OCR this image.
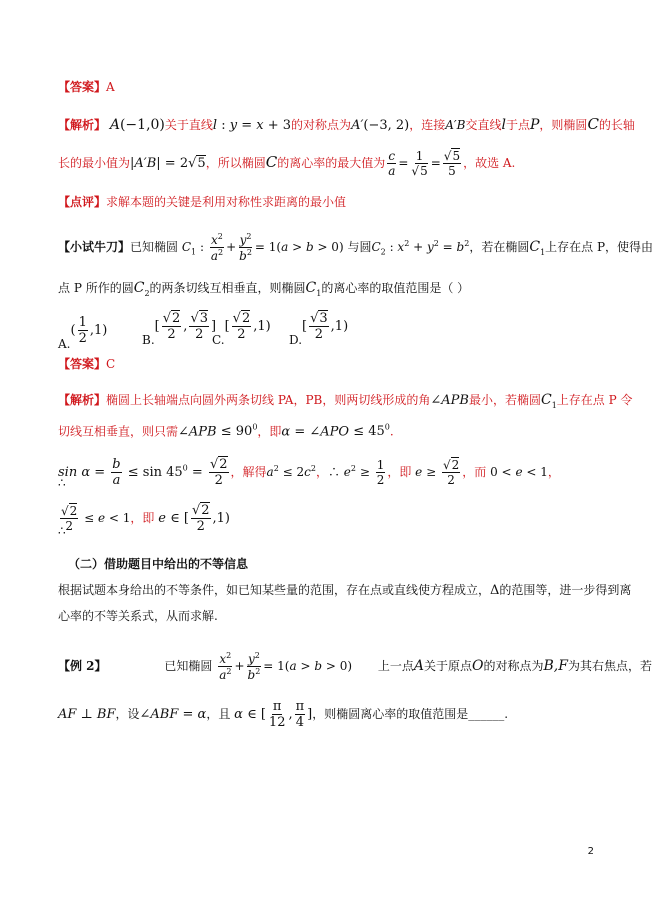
【答案】A
【解析】 A(−1,0)关于直线l : y = x + 3的对称点为A′(−3, 2)，连接A′B交直线l于点P，则椭圆C的长轴
长的最小值为|A′B| = 2 √ 5，所以椭圆C的离心率的最大值为 $\frac{c}{a} = 1$
√ 5 = √ $\frac{5}{5}$ ，故选 A.
【点评】求解本题的关键是利用对称性求距离的最小值
【小试牛刀】已知椭圆 $C_1$ : $\frac{x^2}{a^2} + \frac{y^2}{b^2} = 1(a > b > 0)$ 与圆$C_2$ : $x^2 + y^2 = b^2$，若在椭圆$C_1$上存在点 P，使得由
点 P 所作的圆$C_2$的两条切线互相垂直，则椭圆$C_1$的离心率的取值范围是（ ）
$A.( \frac{1}{2} ,1)$
B.[ √ $\frac{2}{2}$ , √ $\frac{3}{2}$ ]
C.[ √ $\frac{2}{2} ,1$)
D.[ √ $\frac{3}{2} ,1$)
【答案】C
【解析】椭圆上长轴端点向圆外两条切线 PA，PB，则两切线形成的角∠APB最小，若椭圆$C_1$上存在点 P 令
切线互相垂直，则只需∠APB ≤ $90^0$，即α = ∠APO ≤ $45^0$.
$\sin \alpha = \frac{b}{a} \le \sin 45^0$ = √ $\frac{2}{2}$ ，解得$a^2 \le 2c^2$，∴ $e^2 \ge \frac{1}{2}$ ，即 e ≥ √ $\frac{2}{2}$ ，而 0 < e < 1，
∴
√ $\frac{2}{2} \le e < 1$，即 e ∈ [ √ $\frac{2}{2} ,1$)
∴
（二）借助题目中给出的不等信息
根据试题本身给出的不等条件，如已知某些量的范围，存在点或直线使方程成立，Δ的范围等，进一步得到离
心率的不等关系式，从而求解.
【例 2】	已知椭圆 $\frac{x^2}{a^2} + \frac{y^2}{b^2} = 1(a > b > 0)$ 上一点A关于原点O的对称点为B,F为其右焦点，若
AF ⊥ BF，设∠ABF = α，且 α ∈ [ $\frac{\pi}{12}$ , $\frac{\pi}{4}$ ]，则椭圆离心率的取值范围是______.
2
